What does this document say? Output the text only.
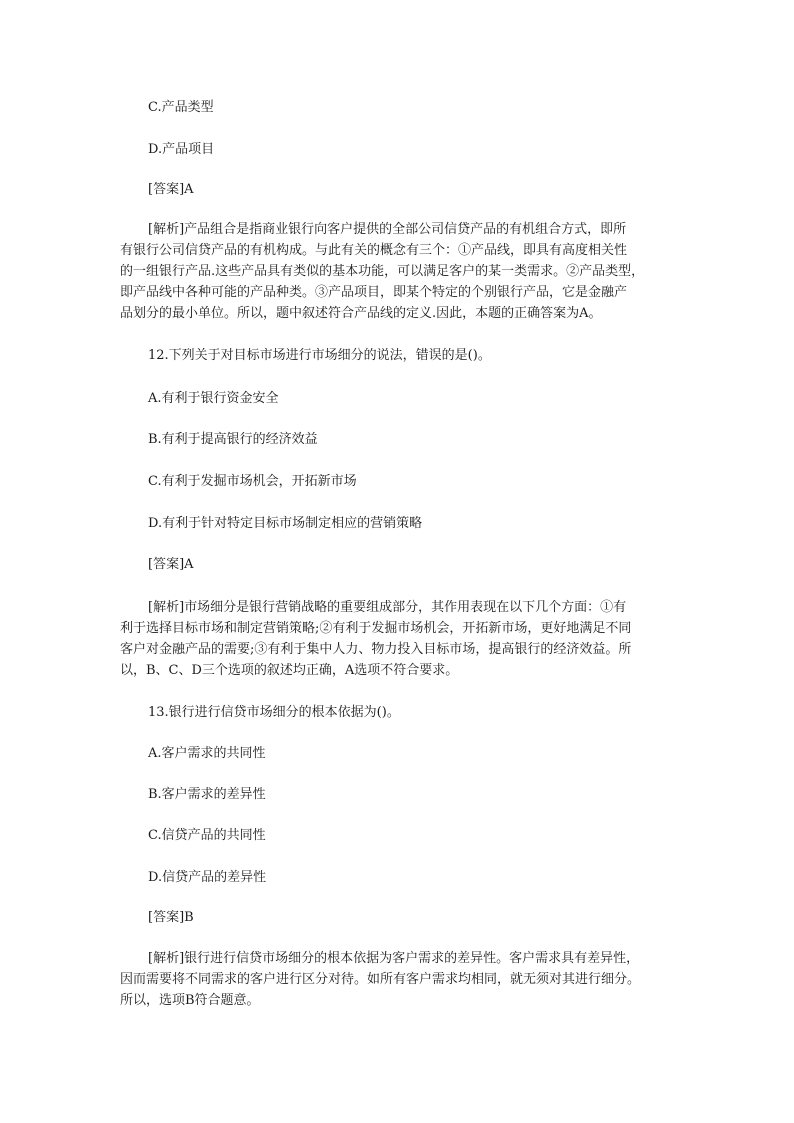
C.产品类型
D.产品项目
[答案]A
[解析]产品组合是指商业银行向客户提供的全部公司信贷产品的有机组合方式，即所
有银行公司信贷产品的有机构成。与此有关的概念有三个：①产品线，即具有高度相关性
的一组银行产品.这些产品具有类似的基本功能，可以满足客户的某一类需求。②产品类型，
即产品线中各种可能的产品种类。③产品项目，即某个特定的个别银行产品，它是金融产
品划分的最小单位。所以，题中叙述符合产品线的定义.因此，本题的正确答案为A。
12.下列关于对目标市场进行市场细分的说法，错误的是()。
A.有利于银行资金安全
B.有利于提高银行的经济效益
C.有利于发掘市场机会，开拓新市场
D.有利于针对特定目标市场制定相应的营销策略
[答案]A
[解析]市场细分是银行营销战略的重要组成部分，其作用表现在以下几个方面：①有
利于选择目标市场和制定营销策略;②有利于发掘市场机会，开拓新市场，更好地满足不同
客户对金融产品的需要;③有利于集中人力、物力投入目标市场，提高银行的经济效益。所
以，B、C、D三个选项的叙述均正确，A选项不符合要求。
13.银行进行信贷市场细分的根本依据为()。
A.客户需求的共同性
B.客户需求的差异性
C.信贷产品的共同性
D.信贷产品的差异性
[答案]B
[解析]银行进行信贷市场细分的根本依据为客户需求的差异性。客户需求具有差异性，
因而需要将不同需求的客户进行区分对待。如所有客户需求均相同，就无须对其进行细分。
所以，选项B符合题意。
